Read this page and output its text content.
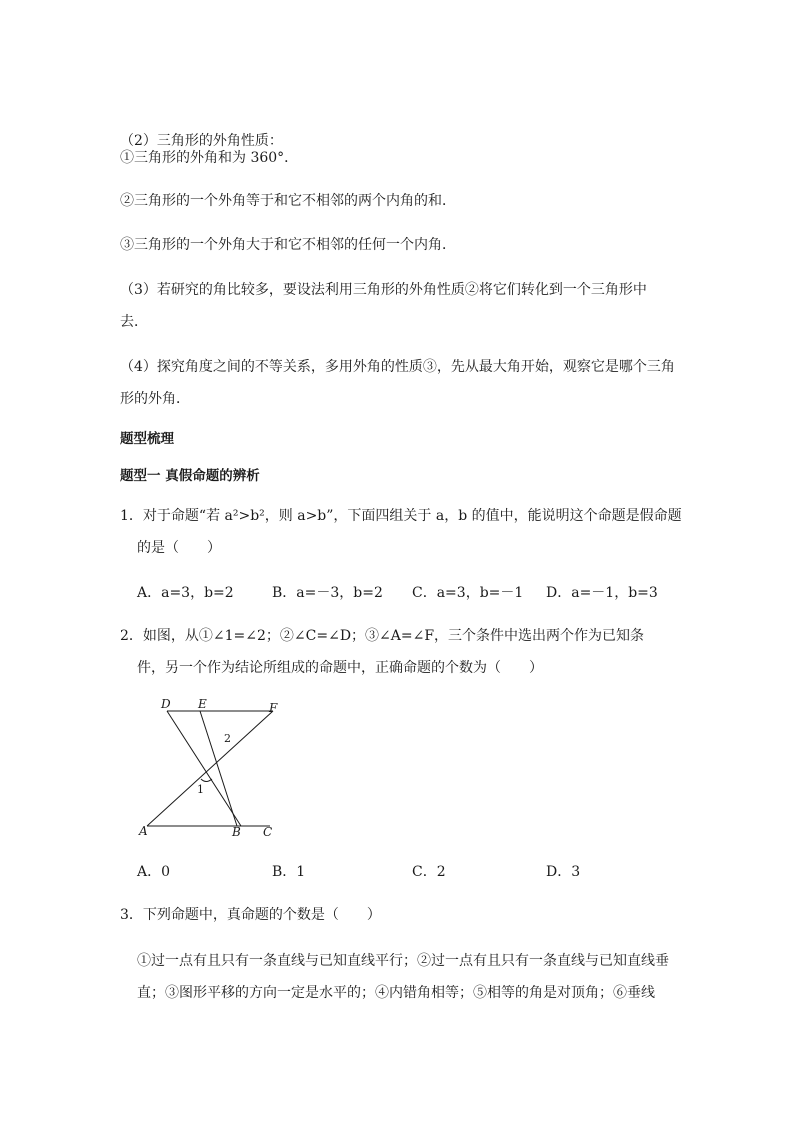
（2）三角形的外角性质：
①三角形的外角和为 360°．
②三角形的一个外角等于和它不相邻的两个内角的和．
③三角形的一个外角大于和它不相邻的任何一个内角．
（3）若研究的角比较多，要设法利用三角形的外角性质②将它们转化到一个三角形中
去．
（4）探究角度之间的不等关系，多用外角的性质③，先从最大角开始，观察它是哪个三角
形的外角．
题型梳理
题型一 真假命题的辨析
1．对于命题“若 a²>b²，则 a>b”，下面四组关于 a，b 的值中，能说明这个命题是假命题
的是（　　）
A．a=3，b=2	B．a=－3，b=2 C．a=3，b=－1 D．a=－1，b=3
2．如图，从①∠1=∠2；②∠C=∠D；③∠A=∠F，三个条件中选出两个作为已知条
件，另一个作为结论所组成的命题中，正确命题的个数为（　　）
D E	F
A	B C
1
2
A．0	B．1	C．2	D．3
3．下列命题中，真命题的个数是（　　）
①过一点有且只有一条直线与已知直线平行；②过一点有且只有一条直线与已知直线垂
直；③图形平移的方向一定是水平的；④内错角相等；⑤相等的角是对顶角；⑥垂线
